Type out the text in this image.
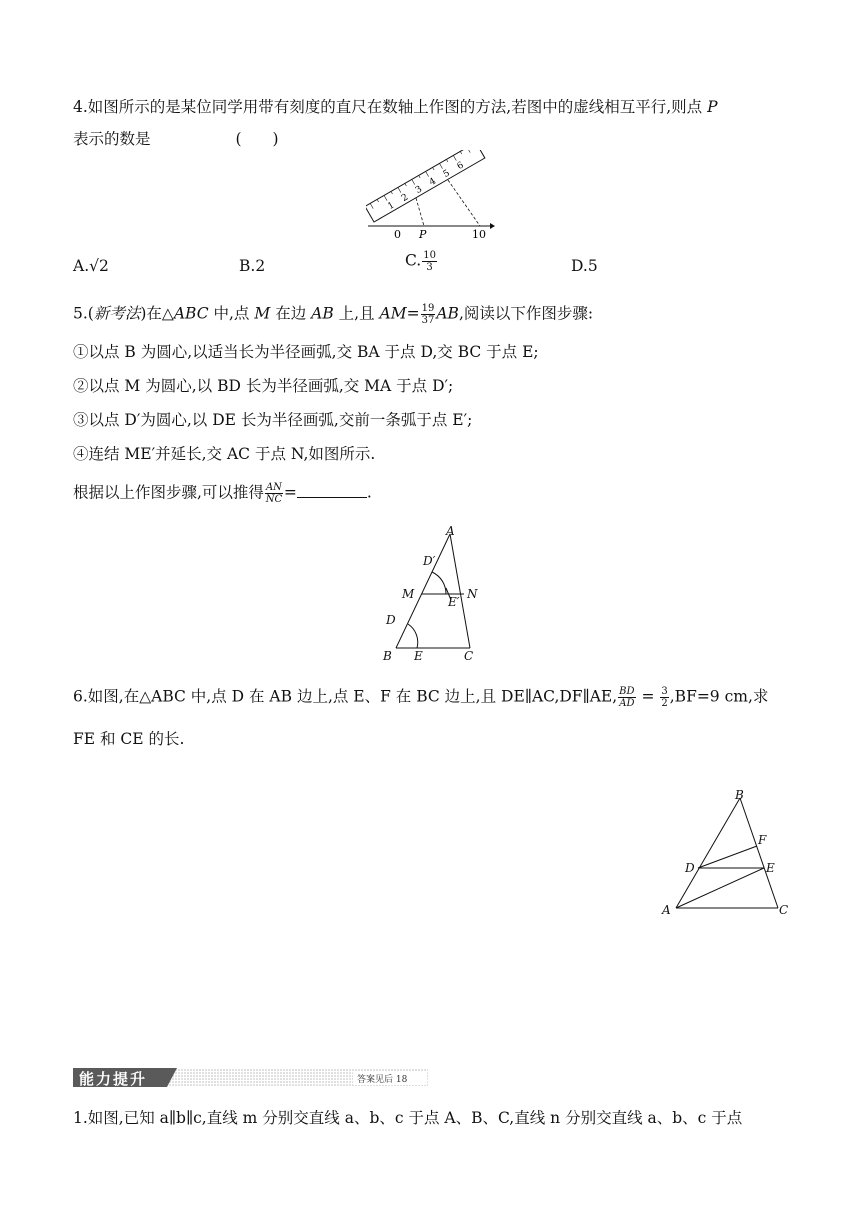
4.如图所示的是某位同学用带有刻度的直尺在数轴上作图的方法,若图中的虚线相互平行,则点 P
表示的数是	(　　)
1
2
3
4
5
6
0 P	10
A.√2	B.2	C. $\frac{10}{3}$	D.5
5.(新考法)在△ABC 中,点 M 在边 AB 上,且 $AM= \frac{19}{37}$ AB,阅读以下作图步骤:
①以点 B 为圆心,以适当长为半径画弧,交 BA 于点 D,交 BC 于点 E;
②以点 M 为圆心,以 BD 长为半径画弧,交 MA 于点 D′;
③以点 D′为圆心,以 DE 长为半径画弧,交前一条弧于点 E′;
④连结 ME′并延长,交 AC 于点 N,如图所示.
根据以上作图步骤,可以推得 $\frac{AN}{NC}$ =	.
A
D′
M
E′
N
D
B E	C
6.如图,在△ABC 中,点 D 在 AB 边上,点 E、F 在 BC 边上,且 DE∥AC,DF∥AE, $\frac{BD}{AD} = \frac{3}{2} ,BF=9$ cm,求
FE 和 CE 的长.
B
F
D	E
A	C
能力提升	答案见后 18
1.如图,已知 a∥b∥c,直线 m 分别交直线 a、b、c 于点 A、B、C,直线 n 分别交直线 a、b、c 于点
